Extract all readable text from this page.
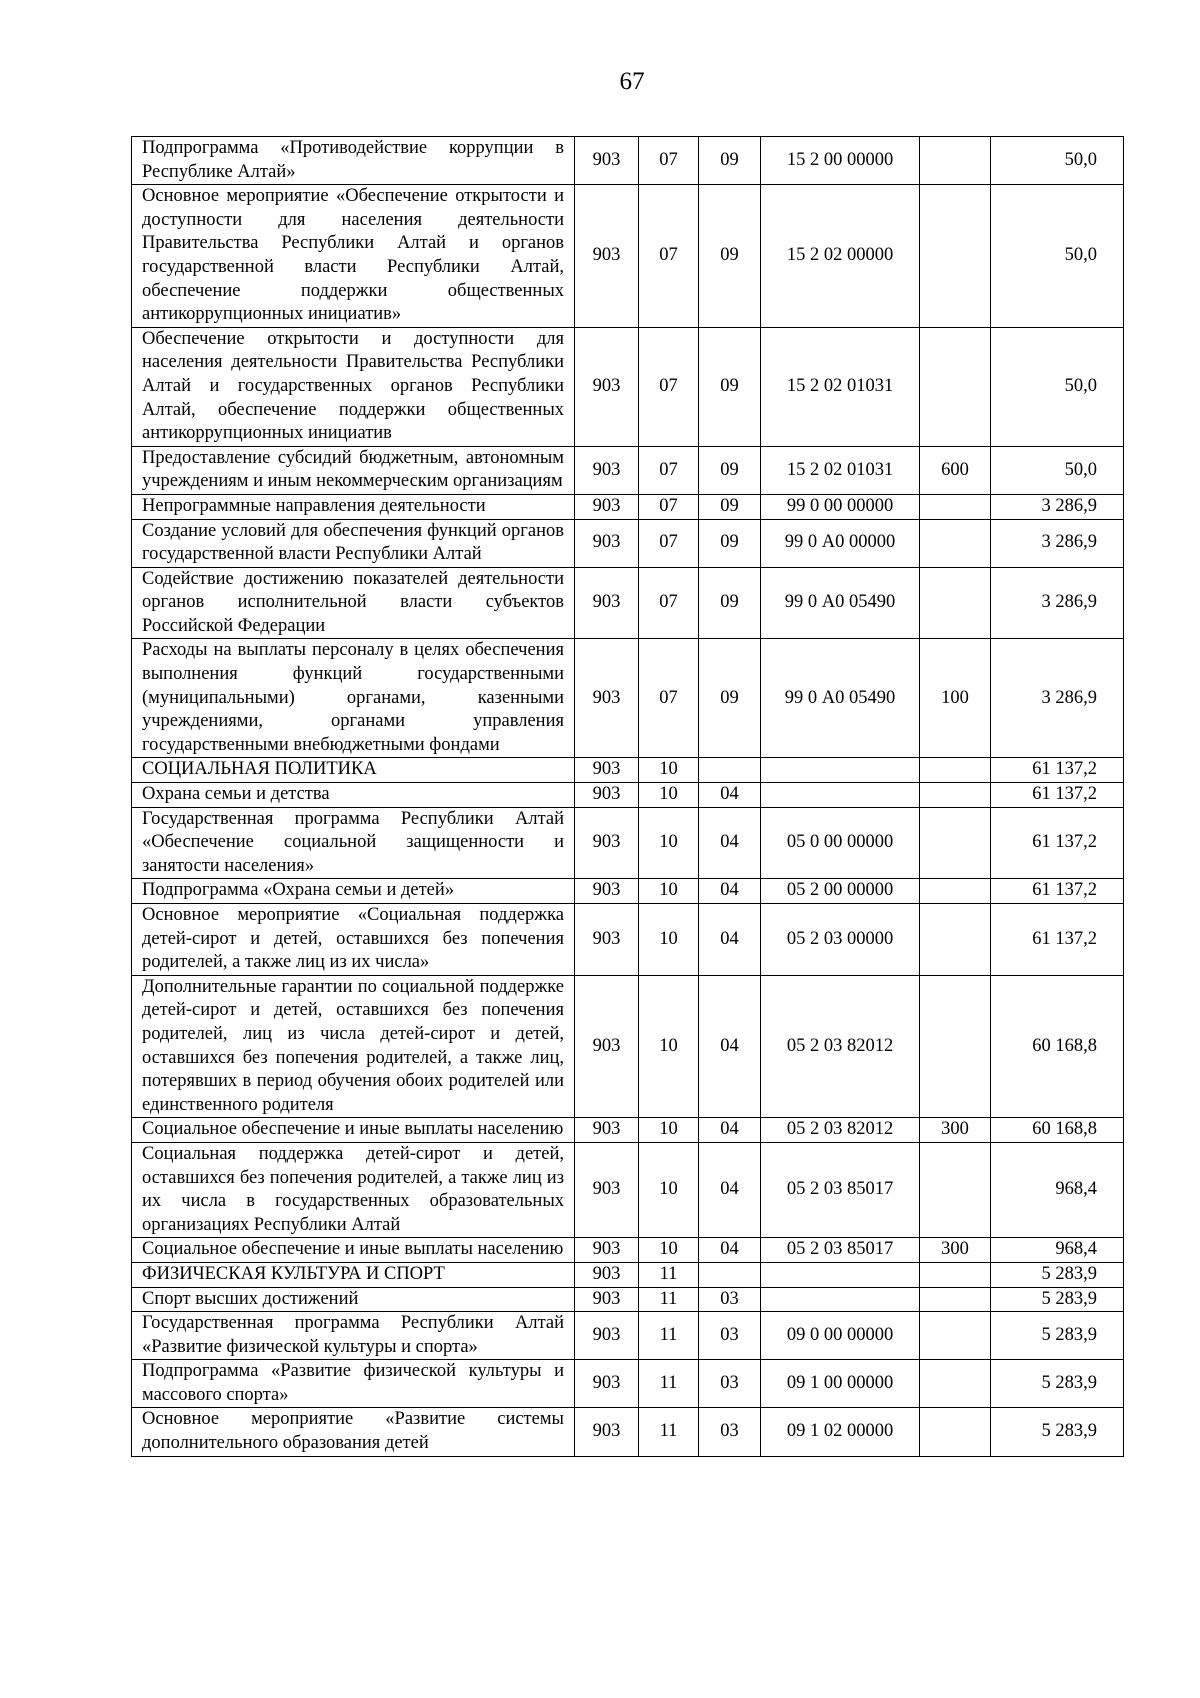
67
Подпрограмма «Противодействие коррупции в Республике Алтай»	903	07	09	15 2 00 00000		50,0
Основное мероприятие «Обеспечение открытости и доступности для населения деятельности Правительства Республики Алтай и органов государственной власти Республики Алтай, обеспечение поддержки общественных антикоррупционных инициатив»	903	07	09	15 2 02 00000		50,0
Обеспечение открытости и доступности для населения деятельности Правительства Республики Алтай и государственных органов Республики Алтай, обеспечение поддержки общественных антикоррупционных инициатив	903	07	09	15 2 02 01031		50,0
Предоставление субсидий бюджетным, автономным учреждениям и иным некоммерческим организациям	903	07	09	15 2 02 01031	600	50,0
Непрограммные направления деятельности	903	07	09	99 0 00 00000		3 286,9
Создание условий для обеспечения функций органов государственной власти Республики Алтай	903	07	09	99 0 А0 00000		3 286,9
Содействие достижению показателей деятельности органов исполнительной власти субъектов Российской Федерации	903	07	09	99 0 А0 05490		3 286,9
Расходы на выплаты персоналу в целях обеспечения выполнения функций государственными (муниципальными) органами, казенными учреждениями, органами управления государственными внебюджетными фондами	903	07	09	99 0 А0 05490	100	3 286,9
СОЦИАЛЬНАЯ ПОЛИТИКА	903	10				61 137,2
Охрана семьи и детства	903	10	04			61 137,2
Государственная программа Республики Алтай «Обеспечение социальной защищенности и занятости населения»	903	10	04	05 0 00 00000		61 137,2
Подпрограмма «Охрана семьи и детей»	903	10	04	05 2 00 00000		61 137,2
Основное мероприятие «Социальная поддержка детей-сирот и детей, оставшихся без попечения родителей, а также лиц из их числа»	903	10	04	05 2 03 00000		61 137,2
Дополнительные гарантии по социальной поддержке детей-сирот и детей, оставшихся без попечения родителей, лиц из числа детей-сирот и детей, оставшихся без попечения родителей, а также лиц, потерявших в период обучения обоих родителей или единственного родителя	903	10	04	05 2 03 82012		60 168,8
Социальное обеспечение и иные выплаты населению	903	10	04	05 2 03 82012	300	60 168,8
Социальная поддержка детей-сирот и детей, оставшихся без попечения родителей, а также лиц из их числа в государственных образовательных организациях Республики Алтай	903	10	04	05 2 03 85017		968,4
Социальное обеспечение и иные выплаты населению	903	10	04	05 2 03 85017	300	968,4
ФИЗИЧЕСКАЯ КУЛЬТУРА И СПОРТ	903	11				5 283,9
Спорт высших достижений	903	11	03			5 283,9
Государственная программа Республики Алтай «Развитие физической культуры и спорта»	903	11	03	09 0 00 00000		5 283,9
Подпрограмма «Развитие физической культуры и массового спорта»	903	11	03	09 1 00 00000		5 283,9
Основное мероприятие «Развитие системы дополнительного образования детей	903	11	03	09 1 02 00000		5 283,9
